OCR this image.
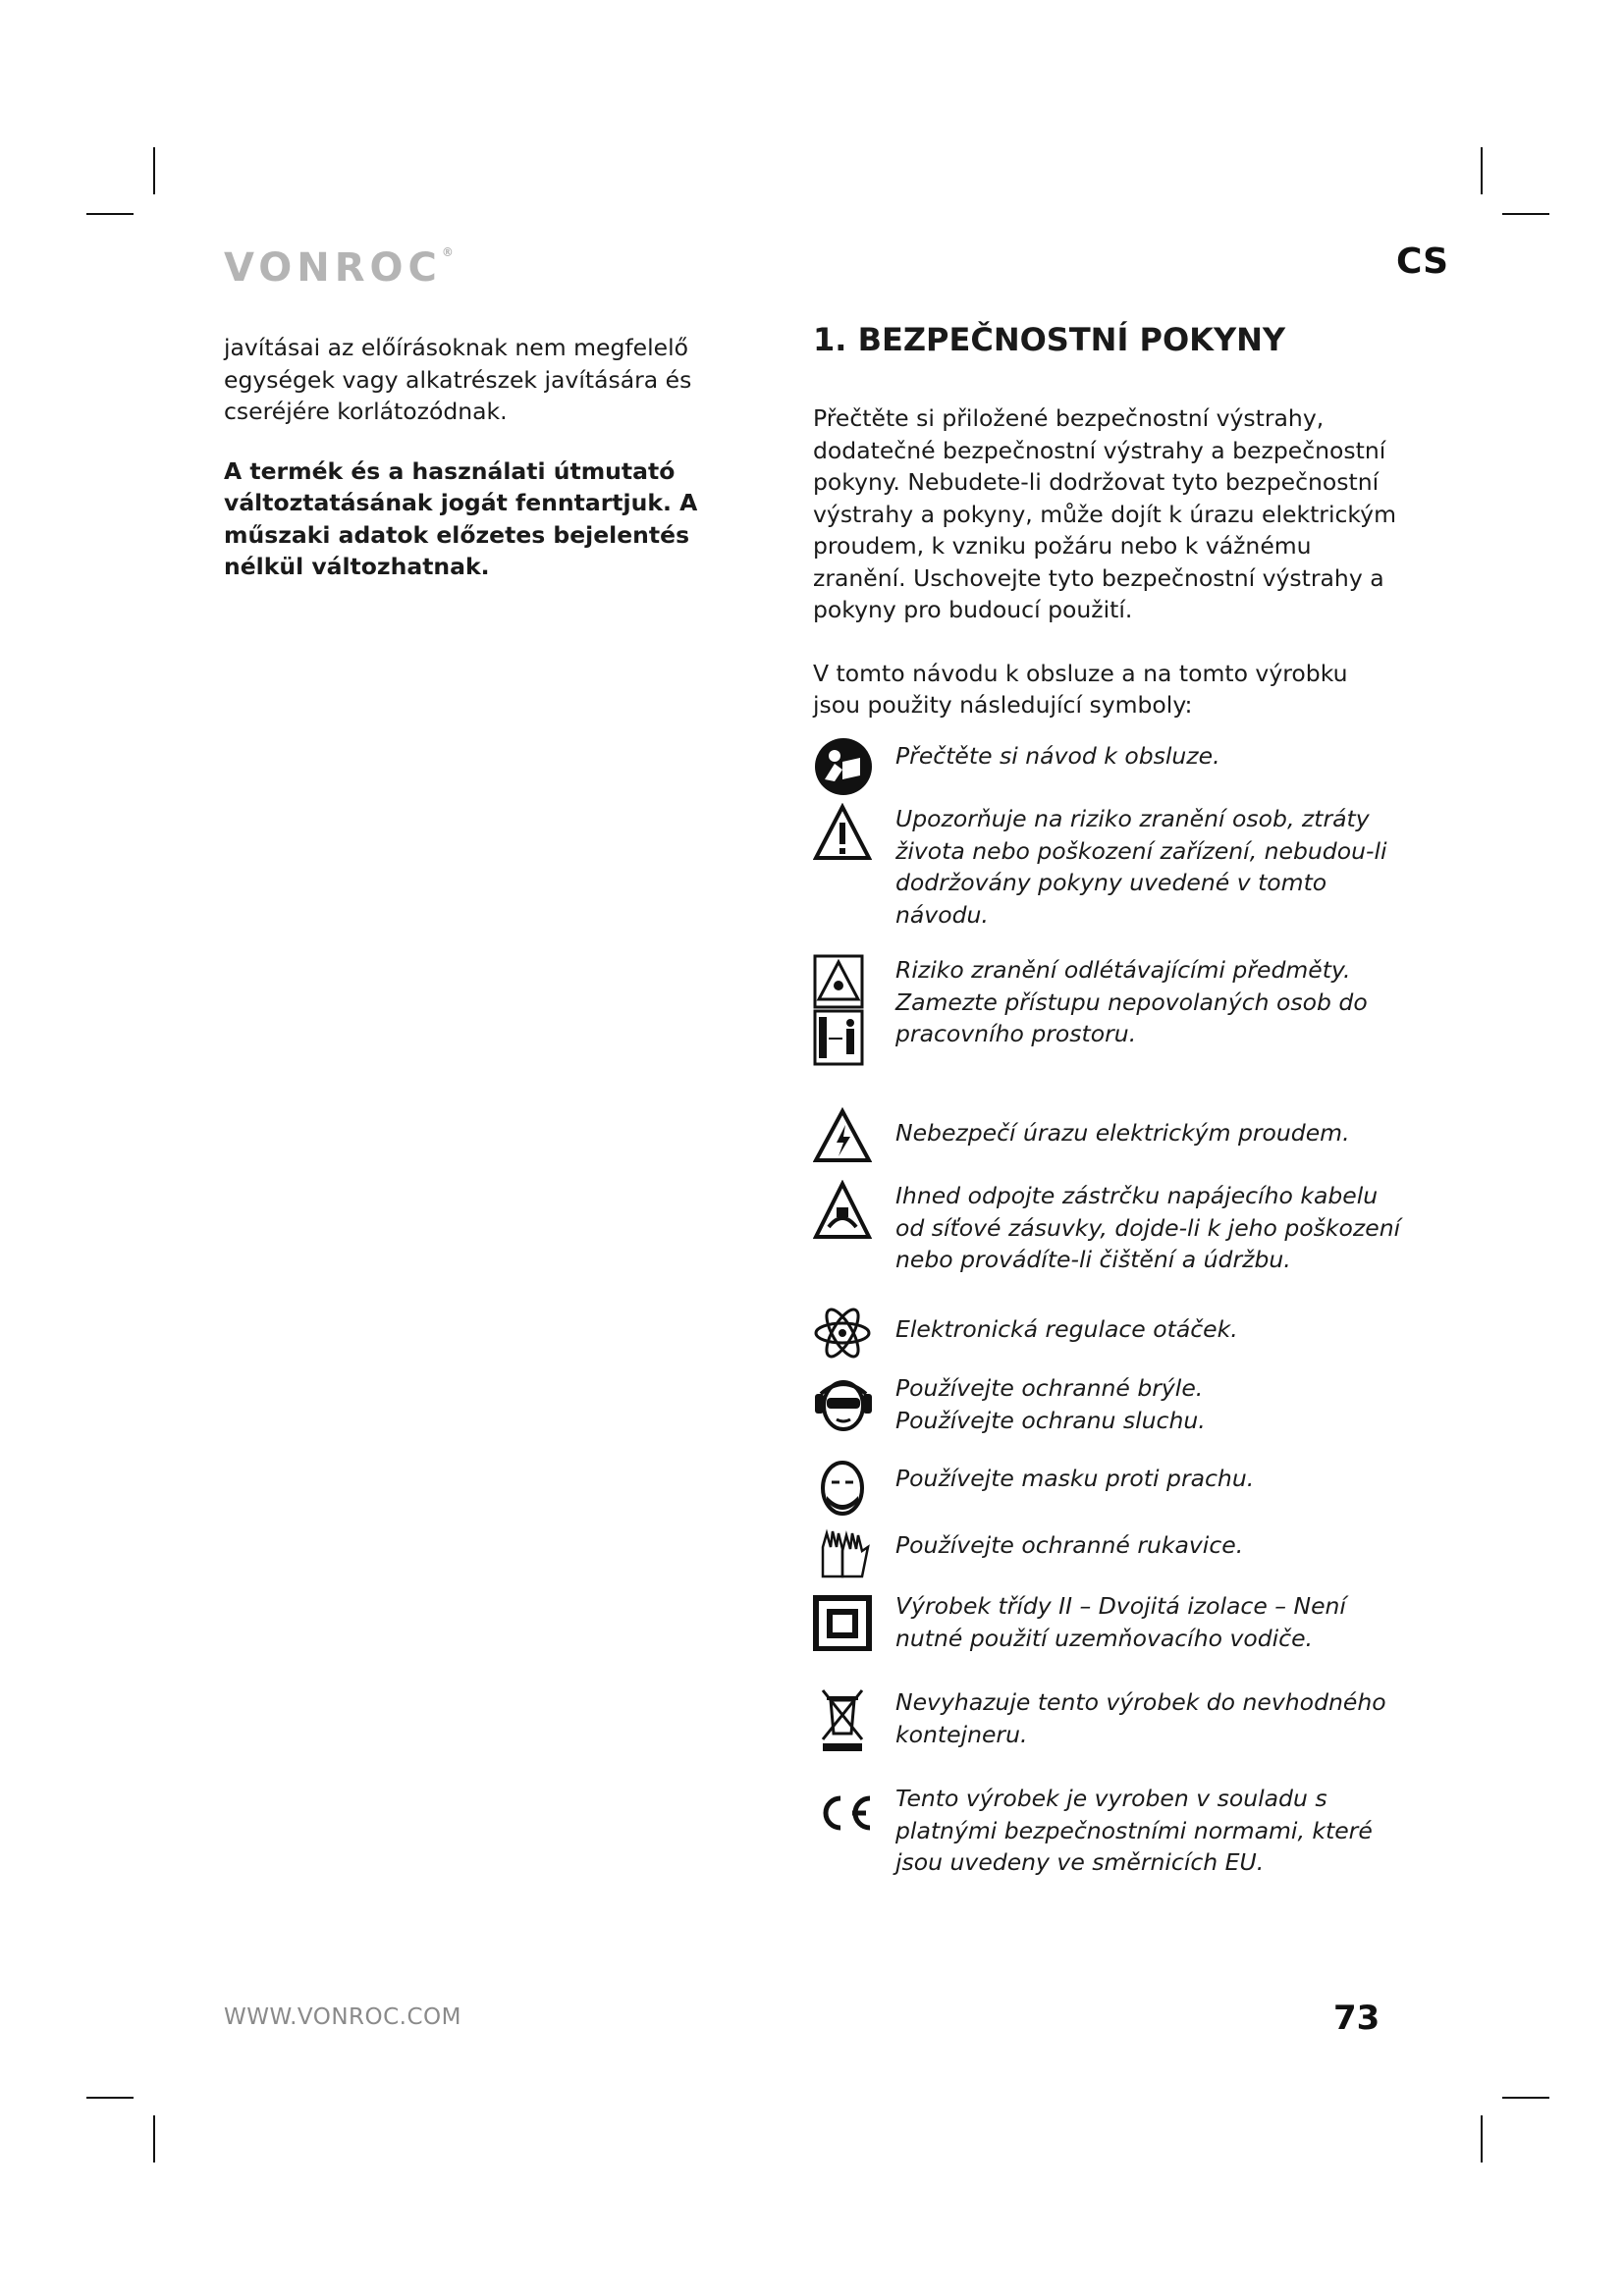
VONROC®	CS

javításai az előírásoknak nem megfelelő egységek vagy alkatrészek javítására és cseréjére korlátozódnak.

A termék és a használati útmutató változtatásának jogát fenntartjuk. A műszaki adatok előzetes bejelentés nélkül változhatnak.

1. BEZPEČNOSTNÍ POKYNY

Přečtěte si přiložené bezpečnostní výstrahy, dodatečné bezpečnostní výstrahy a bezpečnostní pokyny. Nebudete-li dodržovat tyto bezpečnostní výstrahy a pokyny, může dojít k úrazu elektrickým proudem, k vzniku požáru nebo k vážnému zranění. Uschovejte tyto bezpečnostní výstrahy a pokyny pro budoucí použití.

V tomto návodu k obsluze a na tomto výrobku jsou použity následující symboly:

Přečtěte si návod k obsluze.
Upozorňuje na riziko zranění osob, ztráty života nebo poškození zařízení, nebudou-li dodržovány pokyny uvedené v tomto návodu.
Riziko zranění odlétávajícími předměty. Zamezte přístupu nepovolaných osob do pracovního prostoru.
Nebezpečí úrazu elektrickým proudem.
Ihned odpojte zástrčku napájecího kabelu od síťové zásuvky, dojde-li k jeho poškození nebo provádíte-li čištění a údržbu.
Elektronická regulace otáček.
Používejte ochranné brýle.
Používejte ochranu sluchu.
Používejte masku proti prachu.
Používejte ochranné rukavice.
Výrobek třídy II – Dvojitá izolace – Není nutné použití uzemňovacího vodiče.
Nevyhazuje tento výrobek do nevhodného kontejneru.
Tento výrobek je vyroben v souladu s platnými bezpečnostními normami, které jsou uvedeny ve směrnicích EU.
WWW.VONROC.COM	73
